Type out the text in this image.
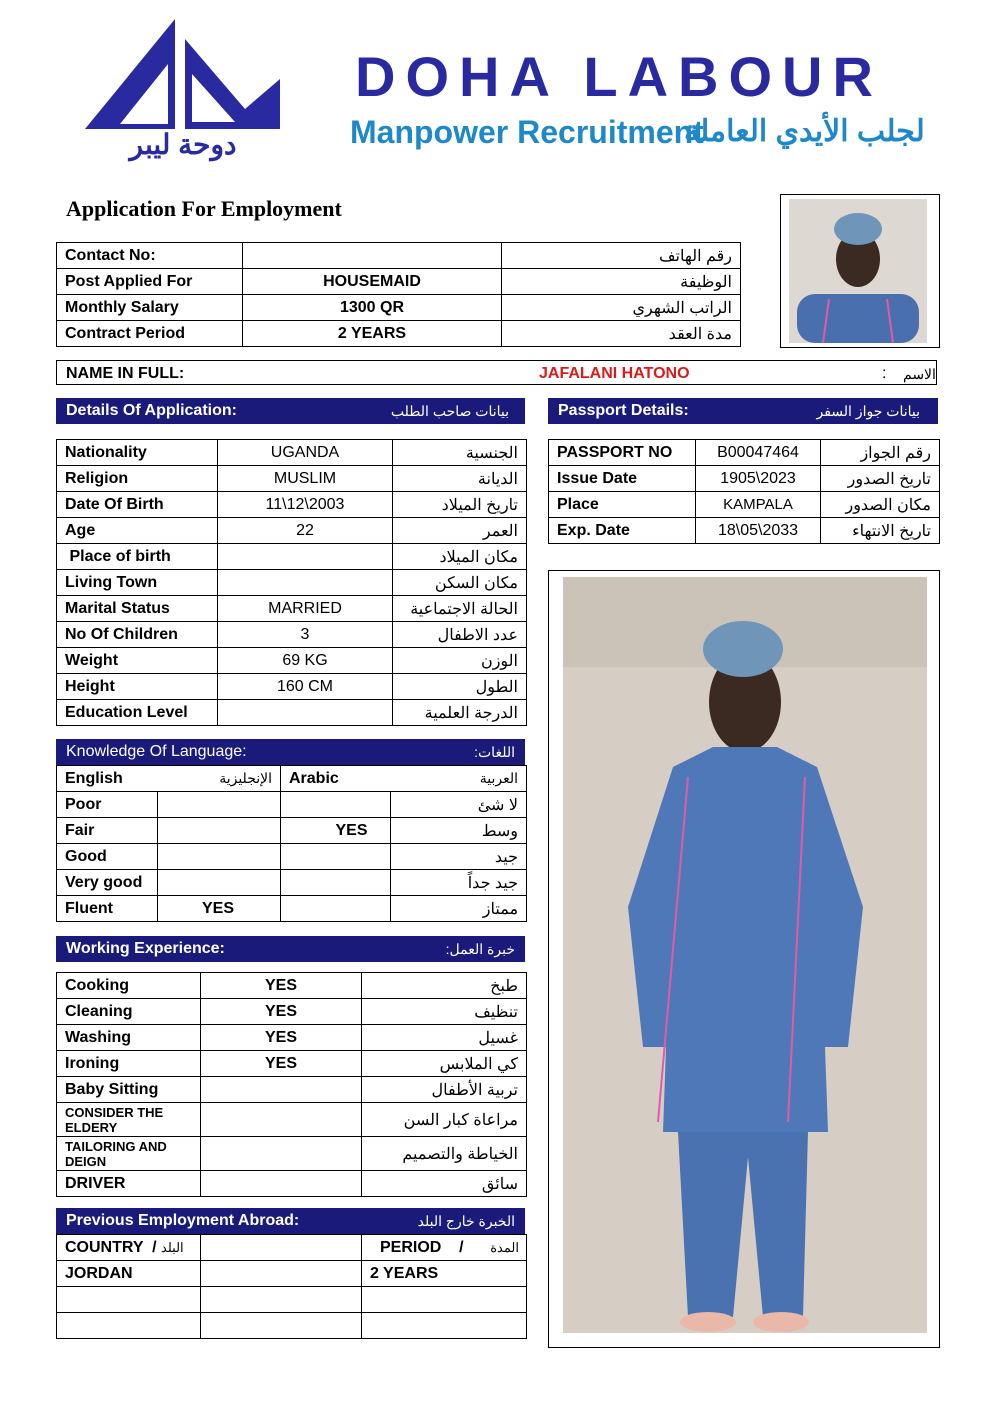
دوحة ليبر
DOHA LABOUR
Manpower Recruitment
لجلب الأيدي العاملة
Application For Employment
Contact No:		رقم الهاتف
Post Applied For	HOUSEMAID	الوظيفة
Monthly Salary	1300 QR	الراتب الشهري
Contract Period	2 YEARS	مدة العقد
NAME IN FULL:	JAFALANI HATONO	: الاسم
Details Of Application:	بيانات صاحب الطلب	Passport Details:	بيانات جواز السفر
Nationality	UGANDA	الجنسية
Religion	MUSLIM	الديانة
Date Of Birth	11\12\2003	تاريخ الميلاد
Age	22	العمر
Place of birth		مكان الميلاد
Living Town		مكان السكن
Marital Status	MARRIED	الحالة الاجتماعية
No Of Children	3	عدد الاطفال
Weight	69 KG	الوزن
Height	160 CM	الطول
Education Level		الدرجة العلمية
PASSPORT NO	B00047464	رقم الجواز
Issue Date	1905\2023	تاريخ الصدور
Place	KAMPALA	مكان الصدور
Exp. Date	18\05\2033	تاريخ الانتهاء
Knowledge Of Language:	اللغات:
English الإنجليزية		Arabic العربية	

Poor			لا شئ
Fair		YES	وسط
Good			جيد
Very good			جيد جداً
Fluent	YES		ممتاز
Working Experience:	خبرة العمل:
Cooking	YES	طبخ
Cleaning	YES	تنظيف
Washing	YES	غسيل
Ironing	YES	كي الملابس
Baby Sitting		تربية الأطفال
CONSIDER THE ELDERY		مراعاة كبار السن
TAILORING AND DEIGN		الخياطة والتصميم
DRIVER		سائق
Previous Employment Abroad:	الخبرة خارج البلد
COUNTRY  / البلد		PERIOD    / المدة
JORDAN		2 YEARS
